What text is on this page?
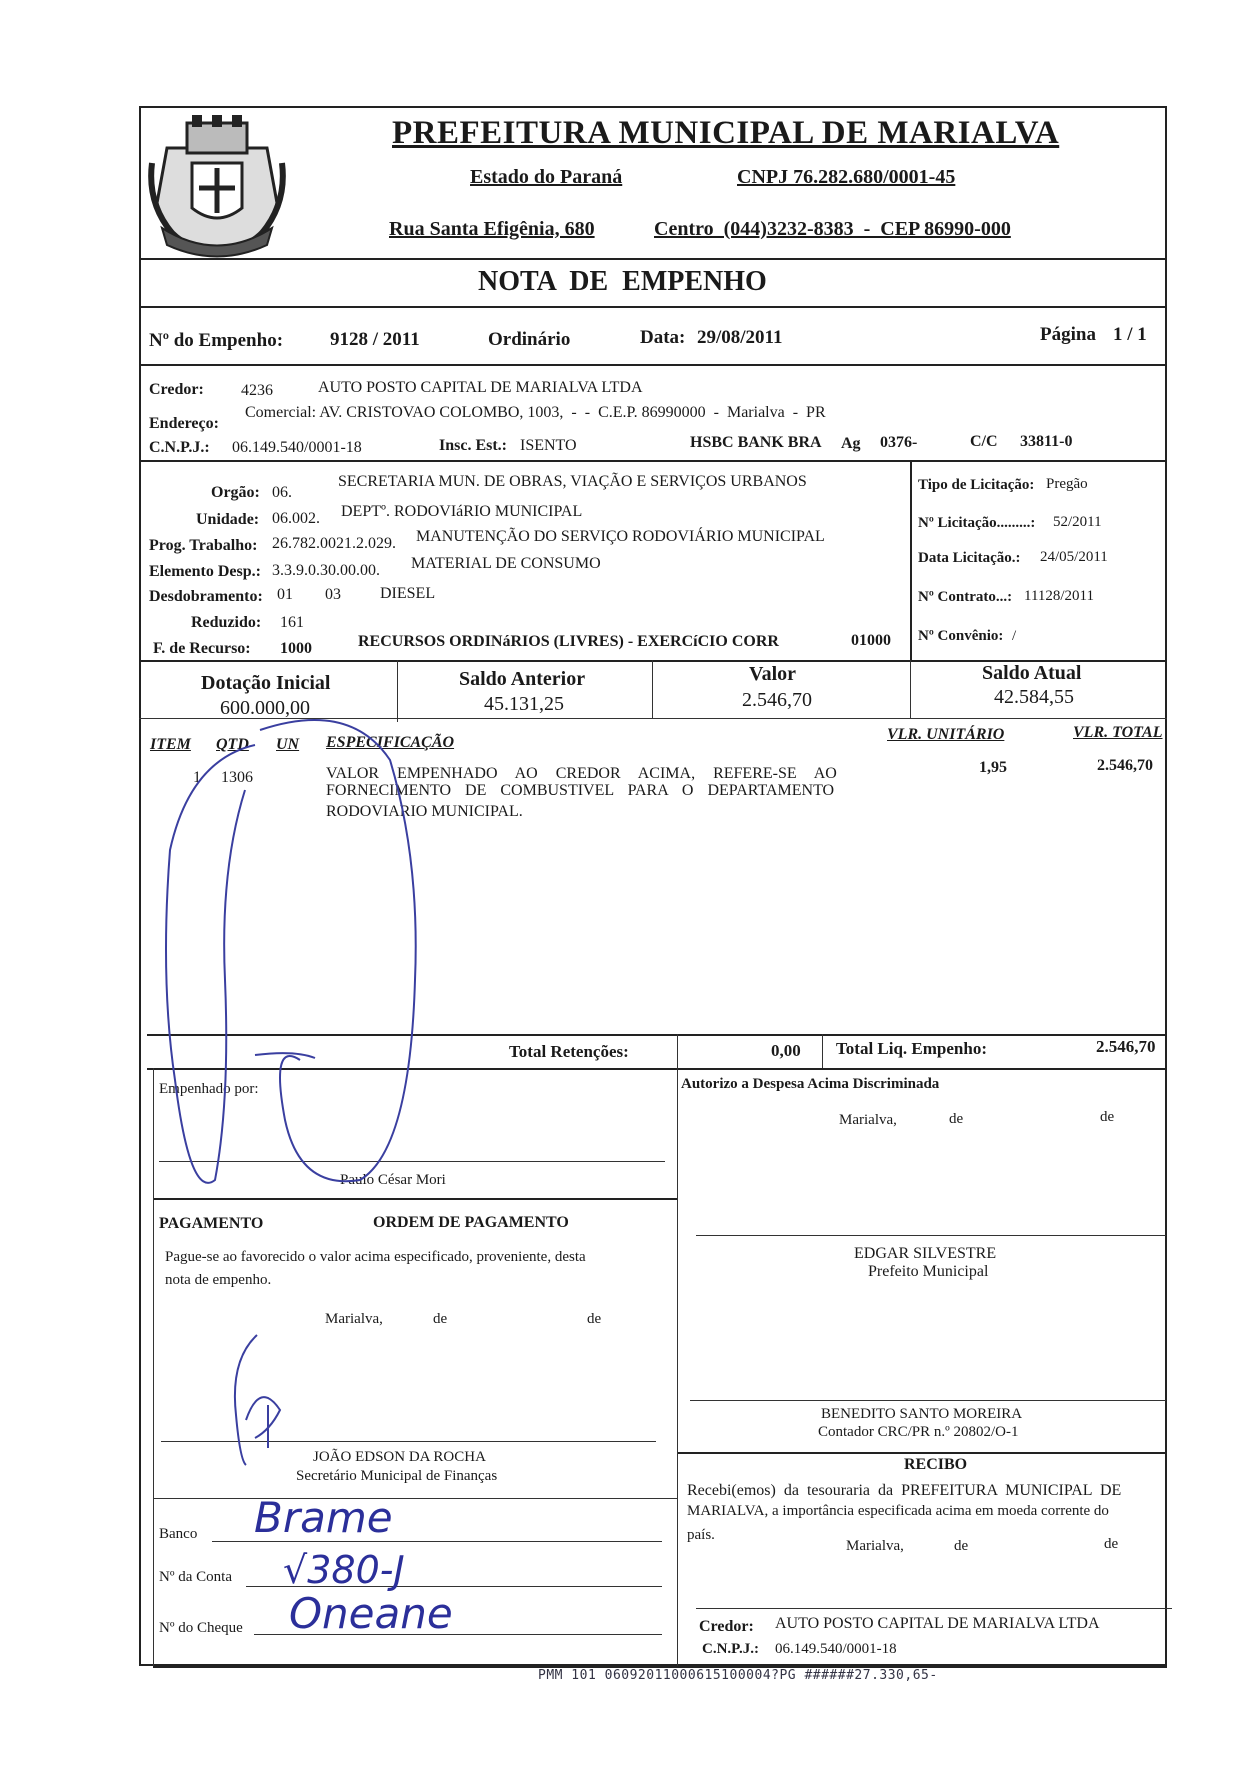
PREFEITURA MUNICIPAL DE MARIALVA
Estado do Paraná	CNPJ 76.282.680/0001-45
Rua Santa Efigênia, 680	Centro  (044)3232-8383  -  CEP 86990-000
NOTA  DE  EMPENHO
Nº do Empenho: 9128 / 2011	Ordinário	Data: 29/08/2011	Página 1 / 1
Credor: 4236	AUTO POSTO CAPITAL DE MARIALVA LTDA
Endereço:
Comercial: AV. CRISTOVAO COLOMBO, 1003,  -  -  C.E.P. 86990000  -  Marialva  -  PR
C.N.P.J.: 06.149.540/0001-18	Insc. Est.: ISENTO	HSBC BANK BRA Ag 0376-	C/C 33811-0
Orgão: 06.
SECRETARIA MUN. DE OBRAS, VIAÇÃO E SERVIÇOS URBANOS
Unidade: 06.002. DEPTº. RODOVIáRIO MUNICIPAL
Prog. Trabalho: 26.782.0021.2.029. MANUTENÇÃO DO SERVIÇO RODOVIÁRIO MUNICIPAL
Elemento Desp.: 3.3.9.0.30.00.00. MATERIAL DE CONSUMO
Desdobramento: 01 03 DIESEL
Reduzido: 161
F. de Recurso: 1000	RECURSOS ORDINáRIOS (LIVRES) - EXERCíCIO CORR	01000
Tipo de Licitação: Pregão
Nº Licitação.........: 52/2011
Data Licitação.: 24/05/2011
Nº Contrato...: 11128/2011
Nº Convênio: /
Dotação Inicial
600.000,00
Saldo Anterior
45.131,25
Valor
2.546,70
Saldo Atual
42.584,55
ITEM QTD UN ESPECIFICAÇÃO	VLR. UNITÁRIO	VLR. TOTAL
1 1306	VALOR EMPENHADO AO CREDOR ACIMA, REFERE-SE AO
FORNECIMENTO DE COMBUSTIVEL PARA O DEPARTAMENTO
RODOVIARIO MUNICIPAL.
1,95	2.546,70
Total Retenções:	0,00 Total Liq. Empenho:	2.546,70
Empenhado por:
Paulo César Mori
Autorizo a Despesa Acima Discriminada
Marialva,	de	de
EDGAR SILVESTRE
Prefeito Municipal
PAGAMENTO	ORDEM DE PAGAMENTO
Pague-se ao favorecido o valor acima especificado, proveniente, desta
nota de empenho.
Marialva,	de	de
JOÃO EDSON DA ROCHA
Secretário Municipal de Finanças
BENEDITO SANTO MOREIRA
Contador CRC/PR n.º 20802/O-1
RECIBO
Recebi(emos) da tesouraria da PREFEITURA MUNICIPAL DE
MARIALVA, a importância especificada acima em moeda corrente do
país.
Marialva,	de	de
Credor: AUTO POSTO CAPITAL DE MARIALVA LTDA
C.N.P.J.: 06.149.540/0001-18
Banco Brame
Nº da Conta √380-J
Nº do Cheque Oneane
PMM 101 06092011000615100004?PG ######27.330,65-
